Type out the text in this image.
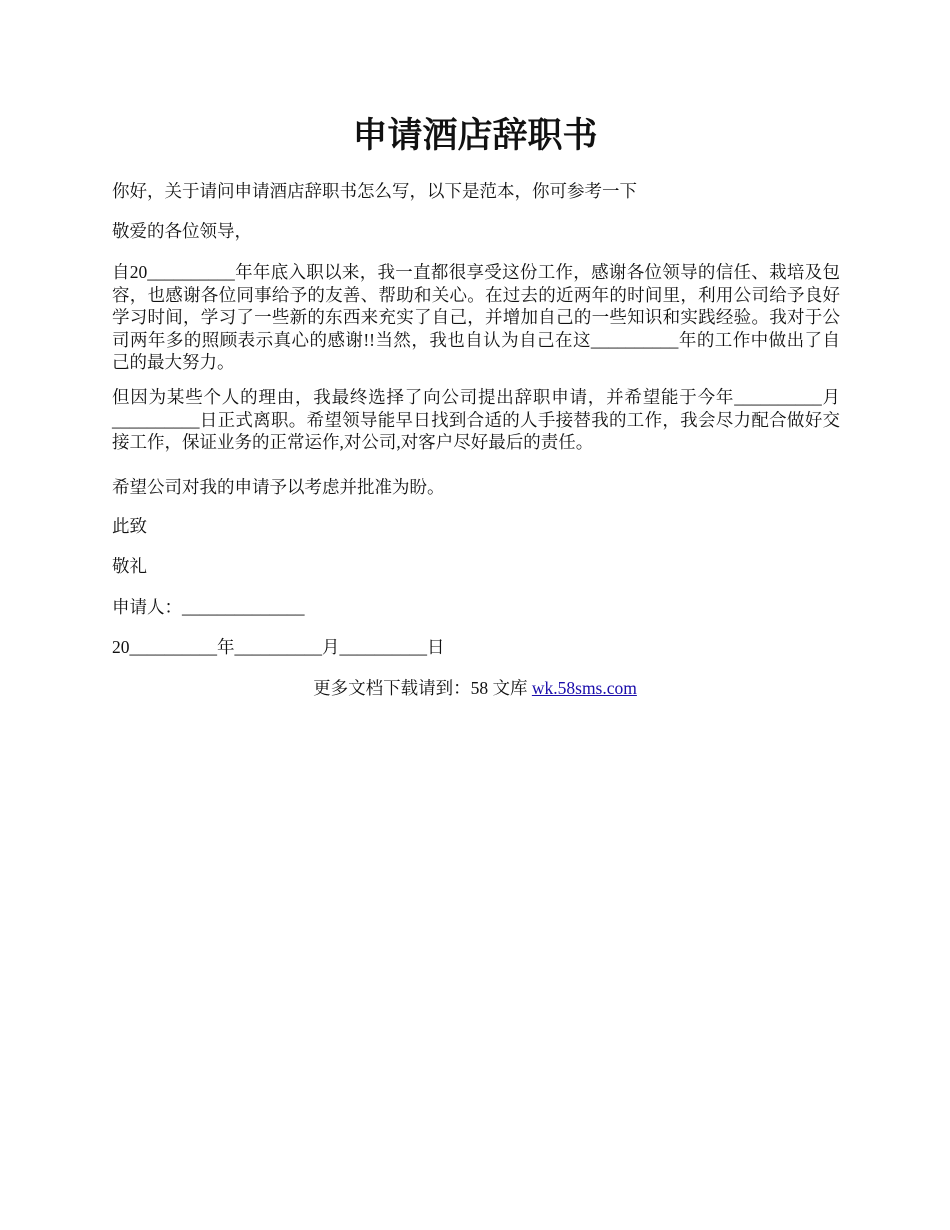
申请酒店辞职书

你好，关于请问申请酒店辞职书怎么写，以下是范本，你可参考一下

敬爱的各位领导，

自20__________年年底入职以来，我一直都很享受这份工作，感谢各位领导的信任、栽培及包容，也感谢各位同事给予的友善、帮助和关心。在过去的近两年的时间里，利用公司给予良好学习时间，学习了一些新的东西来充实了自己，并增加自己的一些知识和实践经验。我对于公司两年多的照顾表示真心的感谢!!当然，我也自认为自己在这__________年的工作中做出了自己的最大努力。

但因为某些个人的理由，我最终选择了向公司提出辞职申请，并希望能于今年__________月__________日正式离职。希望领导能早日找到合适的人手接替我的工作，我会尽力配合做好交接工作，保证业务的正常运作,对公司,对客户尽好最后的责任。

希望公司对我的申请予以考虑并批准为盼。

此致

敬礼

申请人：______________

20__________年__________月__________日

更多文档下载请到：58 文库 wk.58sms.com
